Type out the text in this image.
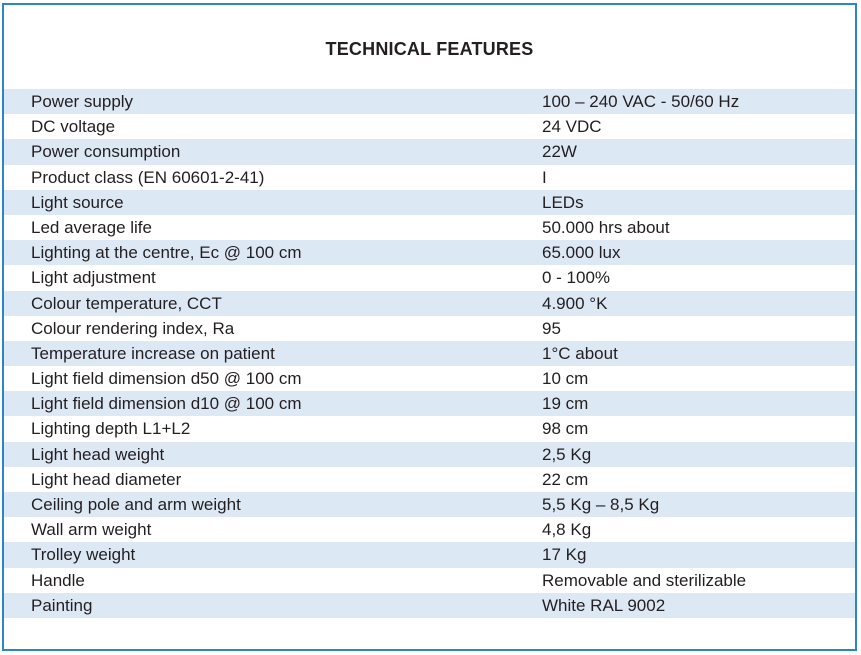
TECHNICAL FEATURES
Power supply	100 – 240 VAC - 50/60 Hz
DC voltage	24 VDC
Power consumption	22W
Product class (EN 60601-2-41)	I
Light source	LEDs
Led average life	50.000 hrs about
Lighting at the centre, Ec @ 100 cm	65.000 lux
Light adjustment	0 - 100%
Colour temperature, CCT	4.900 °K
Colour rendering index, Ra	95
Temperature increase on patient	1°C about
Light field dimension d50 @ 100 cm	10 cm
Light field dimension d10 @ 100 cm	19 cm
Lighting depth L1+L2	98 cm
Light head weight	2,5 Kg
Light head diameter	22 cm
Ceiling pole and arm weight	5,5 Kg – 8,5 Kg
Wall arm weight	4,8 Kg
Trolley weight	17 Kg
Handle	Removable and sterilizable
Painting	White RAL 9002
